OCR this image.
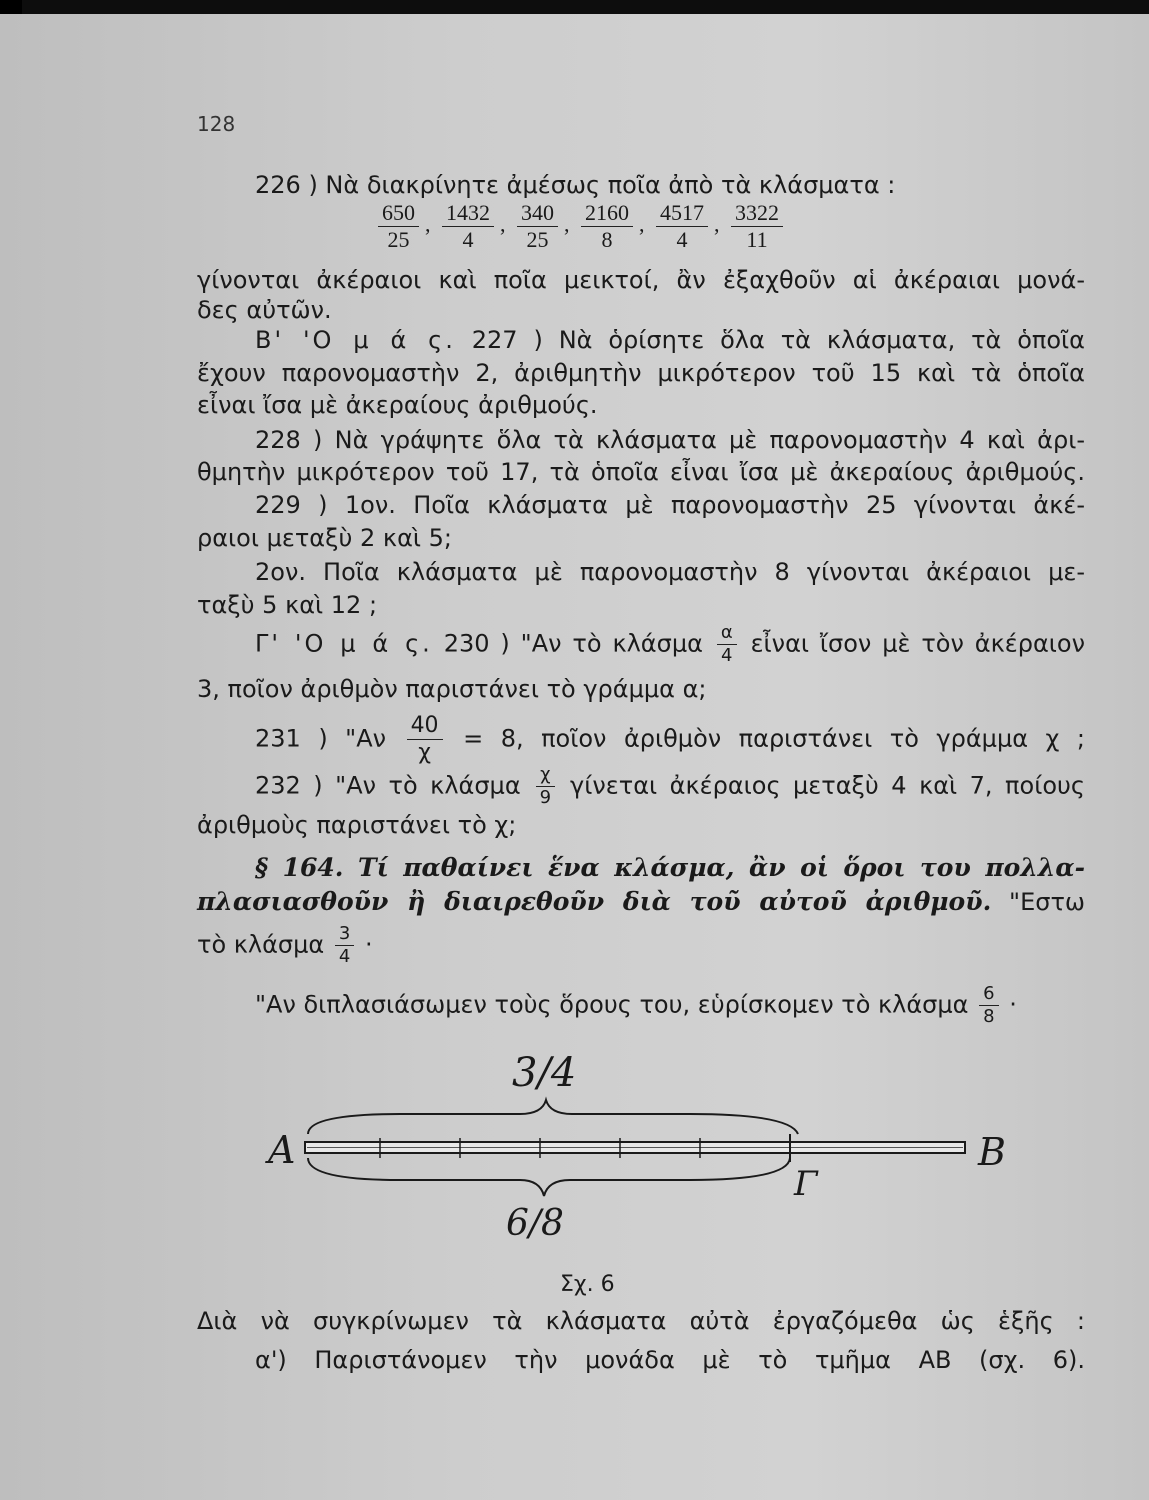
128
226 ) Νὰ διακρίνητε ἀμέσως ποῖα ἀπὸ τὰ κλάσματα :
$\frac{650}{25}$ , $\frac{1432}{4}$ , $\frac{340}{25}$ , $\frac{2160}{8}$ , $\frac{4517}{4}$ , $\frac{3322}{11}$
γίνονται ἀκέραιοι καὶ ποῖα μεικτοί, ἂν ἐξαχθοῦν αἱ ἀκέραιαι μονά-
δες αὐτῶν.
Β' 'Ο μ ά ς. 227 ) Νὰ ὁρίσητε ὅλα τὰ κλάσματα, τὰ ὁποῖα
ἔχουν παρονομαστὴν 2, ἀριθμητὴν μικρότερον τοῦ 15 καὶ τὰ ὁποῖα
εἶναι ἴσα μὲ ἀκεραίους ἀριθμούς.
228 ) Νὰ γράψητε ὅλα τὰ κλάσματα μὲ παρονομαστὴν 4 καὶ ἀρι-
θμητὴν μικρότερον τοῦ 17, τὰ ὁποῖα εἶναι ἴσα μὲ ἀκεραίους ἀριθμούς.
229 ) 1ον. Ποῖα κλάσματα μὲ παρονομαστὴν 25 γίνονται ἀκέ-
ραιοι μεταξὺ 2 καὶ 5;
2ον. Ποῖα κλάσματα μὲ παρονομαστὴν 8 γίνονται ἀκέραιοι με-
ταξὺ 5 καὶ 12 ;
Γ' 'Ο μ ά ς. 230 ) "Αν τὸ κλάσμα $\frac{\alpha}{4}$ εἶναι ἴσον μὲ τὸν ἀκέραιον
3, ποῖον ἀριθμὸν παριστάνει τὸ γράμμα α;
231 ) "$A\nu \frac{40}{\chi} = 8$, ποῖον ἀριθμὸν παριστάνει τὸ γράμμα χ ;
232 ) "Αν τὸ κλάσμα $\frac{\chi}{9}$ γίνεται ἀκέραιος μεταξὺ 4 καὶ 7, ποίους
ἀριθμοὺς παριστάνει τὸ χ;
§ 164. Τί παθαίνει ἕνα κλάσμα, ἂν οἱ ὅροι του πολλα-
πλασιασθοῦν ἢ διαιρεθοῦν διὰ τοῦ αὐτοῦ ἀριθμοῦ. "Εστω
τὸ κλάσμα $\frac{3}{4}$ ·
"Αν διπλασιάσωμεν τοὺς ὅρους του, εὑρίσκομεν τὸ κλάσμα $\frac{6}{8}$ ·
3/4
Α	Β
Γ
6/8
Σχ. 6
Διὰ νὰ συγκρίνωμεν τὰ κλάσματα αὐτὰ ἐργαζόμεθα ὡς ἑξῆς :
α') Παριστάνομεν τὴν μονάδα μὲ τὸ τμῆμα ΑΒ (σχ. 6).
